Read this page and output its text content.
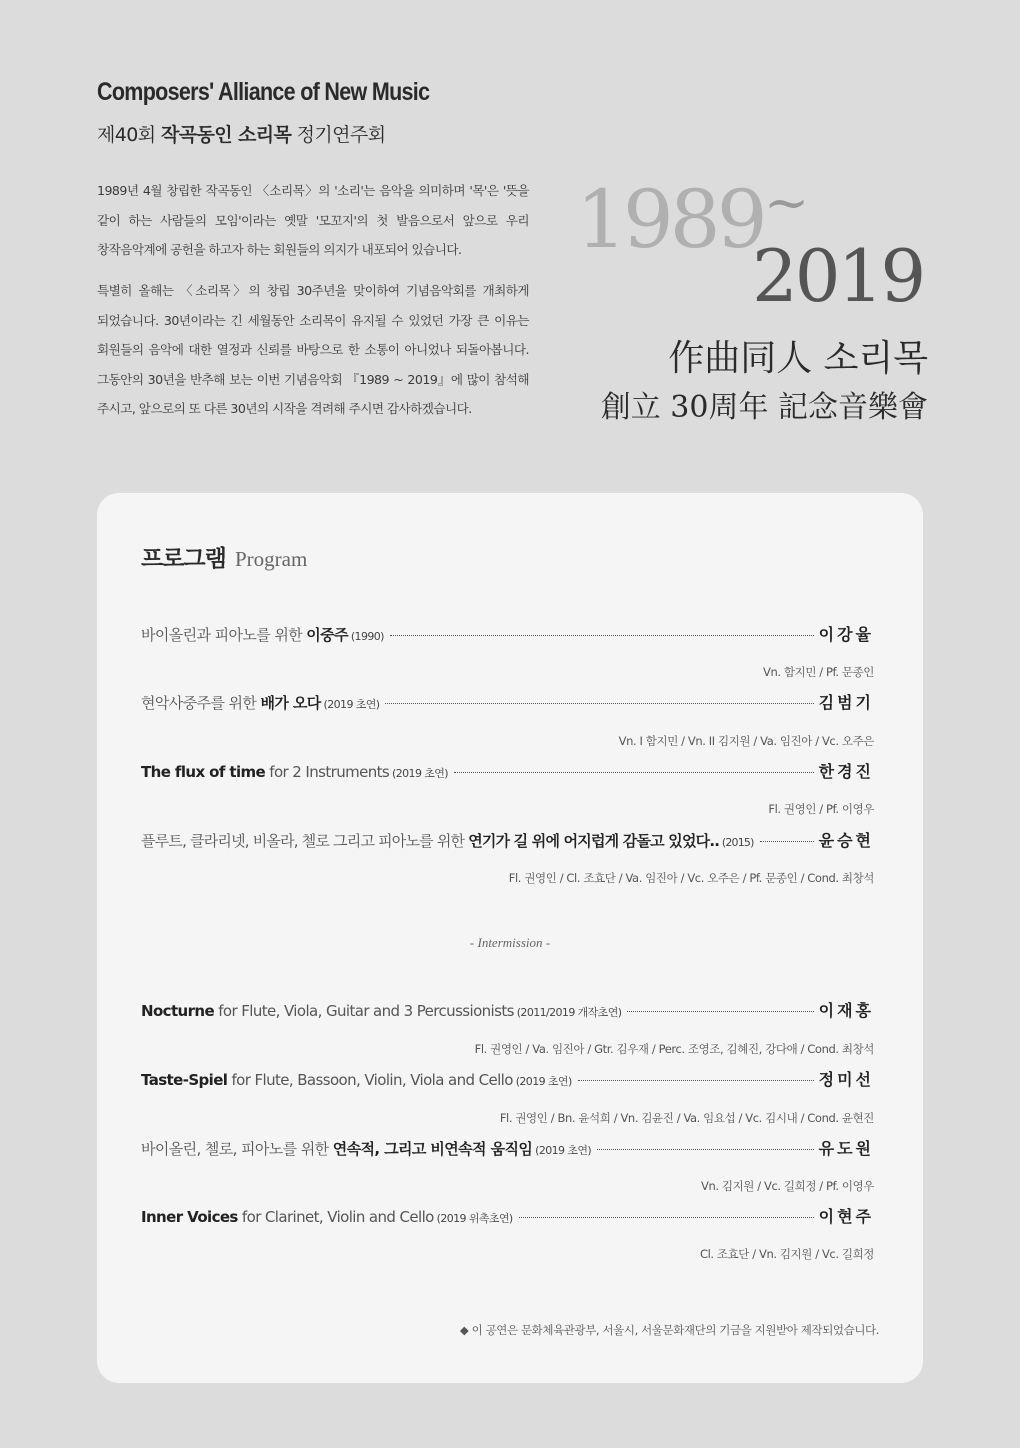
Composers' Alliance of New Music
제40회 작곡동인 소리목 정기연주회

1989년 4월 창립한 작곡동인 〈소리목〉의 '소리'는 음악을 의미하며 '목'은 '뜻을 같이 하는 사람들의 모임'이라는 옛말 '모꼬지'의 첫 발음으로서 앞으로 우리 창작음악계에 공헌을 하고자 하는 회원들의 의지가 내포되어 있습니다.

특별히 올해는 〈소리목〉의 창립 30주년을 맞이하여 기념음악회를 개최하게 되었습니다. 30년이라는 긴 세월동안 소리목이 유지될 수 있었던 가장 큰 이유는 회원들의 음악에 대한 열정과 신뢰를 바탕으로 한 소통이 아니었나 되돌아봅니다. 그동안의 30년을 반추해 보는 이번 기념음악회 『1989 ~ 2019』에 많이 참석해 주시고, 앞으로의 또 다른 30년의 시작을 격려해 주시면 감사하겠습니다.

1989 ~
2019
作曲同人 소리목
創立 30周年 記念音樂會
프로그램 Program
바이올린과 피아노를 위한 이중주 (1990)	이강율
Vn. 함지민 / Pf. 문종인
현악사중주를 위한 배가 오다 (2019 초연)	김범기
Vn. I 함지민 / Vn. II 김지원 / Va. 임진아 / Vc. 오주은
The flux of time for 2 Instruments (2019 초연)	한경진
Fl. 권영인 / Pf. 이영우
플루트, 클라리넷, 비올라, 첼로 그리고 피아노를 위한 연기가 길 위에 어지럽게 감돌고 있었다.. (2015)	윤승현
Fl. 권영인 / Cl. 조효단 / Va. 임진아 / Vc. 오주은 / Pf. 문종인 / Cond. 최창석
- Intermission -
Nocturne for Flute, Viola, Guitar and 3 Percussionists (2011/2019 개작초연)	이재홍
Fl. 권영인 / Va. 임진아 / Gtr. 김우재 / Perc. 조영조, 김혜진, 강다애 / Cond. 최창석
Taste-Spiel for Flute, Bassoon, Violin, Viola and Cello (2019 초연)	정미선
Fl. 권영인 / Bn. 윤석희 / Vn. 김윤진 / Va. 임요섭 / Vc. 김시내 / Cond. 윤현진
바이올린, 첼로, 피아노를 위한 연속적, 그리고 비연속적 움직임 (2019 초연)	유도원
Vn. 김지원 / Vc. 길희정 / Pf. 이영우
Inner Voices for Clarinet, Violin and Cello (2019 위촉초연)	이현주
Cl. 조효단 / Vn. 김지원 / Vc. 길희정
◆ 이 공연은 문화체육관광부, 서울시, 서울문화재단의 기금을 지원받아 제작되었습니다.
